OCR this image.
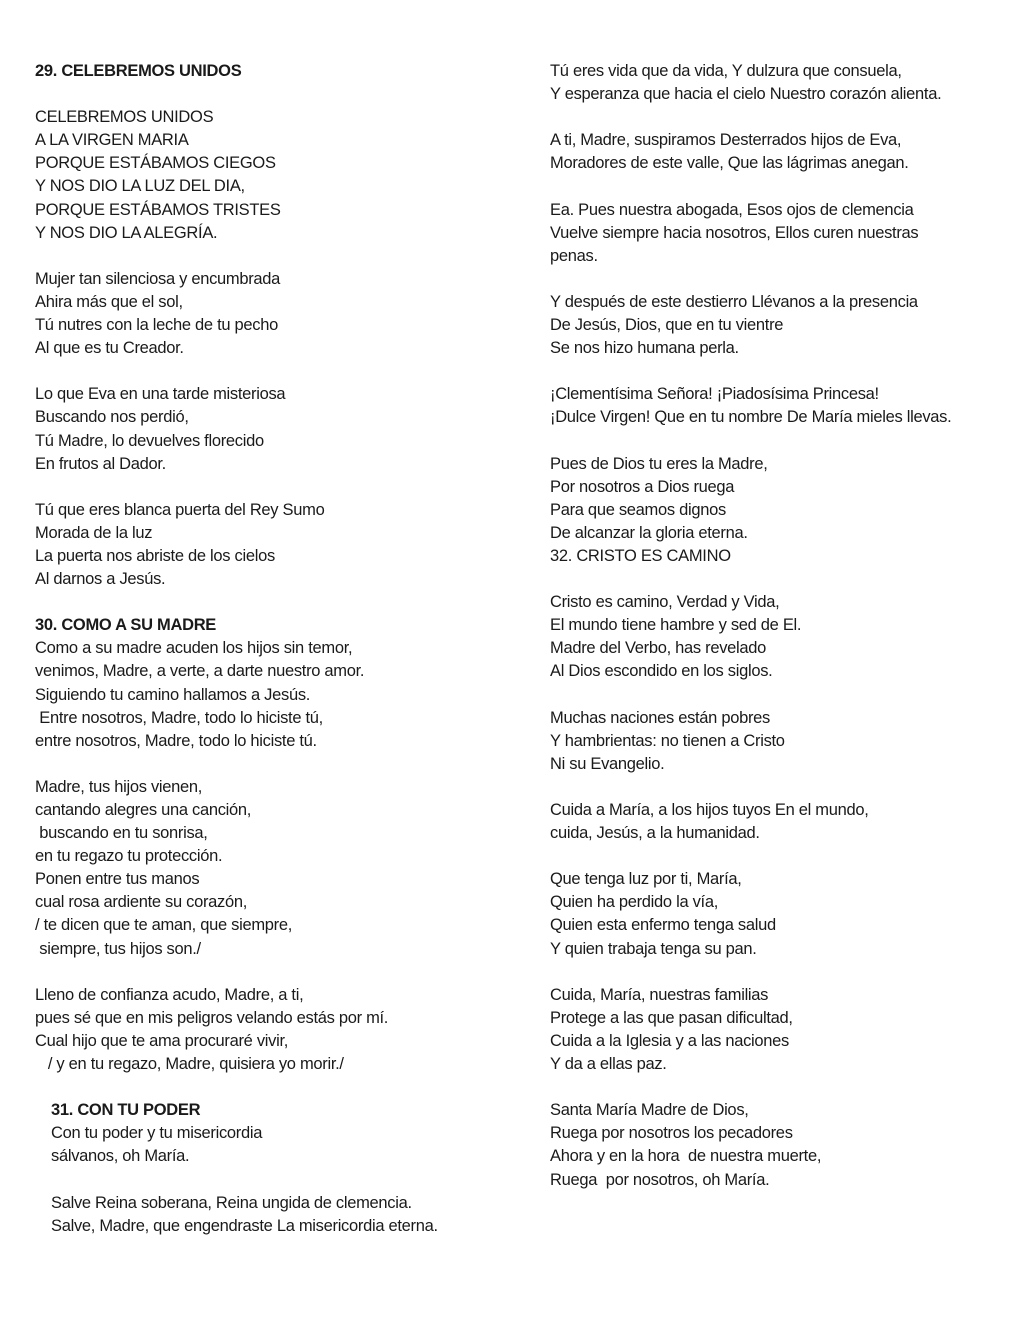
29. CELEBREMOS UNIDOS
CELEBREMOS UNIDOS
A LA VIRGEN MARIA
PORQUE ESTÁBAMOS CIEGOS
Y NOS DIO LA LUZ DEL DIA,
PORQUE ESTÁBAMOS TRISTES
Y NOS DIO LA ALEGRÍA.
Mujer tan silenciosa y encumbrada
Ahira más que el sol,
Tú nutres con la leche de tu pecho
Al que es tu Creador.
Lo que Eva en una tarde misteriosa
Buscando nos perdió,
Tú Madre, lo devuelves florecido
En frutos al Dador.
Tú que eres blanca puerta del Rey Sumo
Morada de la luz
La puerta nos abriste de los cielos
Al darnos a Jesús.
30. COMO A SU MADRE
Como a su madre acuden los hijos sin temor,
venimos, Madre, a verte, a darte nuestro amor.
Siguiendo tu camino hallamos a Jesús.
Entre nosotros, Madre, todo lo hiciste tú,
entre nosotros, Madre, todo lo hiciste tú.
Madre, tus hijos vienen,
cantando alegres una canción,
buscando en tu sonrisa,
en tu regazo tu protección.
Ponen entre tus manos
cual rosa ardiente su corazón,
/ te dicen que te aman, que siempre,
siempre, tus hijos son./
Lleno de confianza acudo, Madre, a ti,
pues sé que en mis peligros velando estás por mí.
Cual hijo que te ama procuraré vivir,
/ y en tu regazo, Madre, quisiera yo morir./
31. CON TU PODER
Con tu poder y tu misericordia
sálvanos, oh María.
Salve Reina soberana, Reina ungida de clemencia.
Salve, Madre, que engendraste La misericordia eterna.
Tú eres vida que da vida, Y dulzura que consuela,
Y esperanza que hacia el cielo Nuestro corazón alienta.
A ti, Madre, suspiramos Desterrados hijos de Eva,
Moradores de este valle, Que las lágrimas anegan.
Ea. Pues nuestra abogada, Esos ojos de clemencia
Vuelve siempre hacia nosotros, Ellos curen nuestras
penas.
Y después de este destierro Llévanos a la presencia
De Jesús, Dios, que en tu vientre
Se nos hizo humana perla.
¡Clementísima Señora! ¡Piadosísima Princesa!
¡Dulce Virgen! Que en tu nombre De María mieles llevas.
Pues de Dios tu eres la Madre,
Por nosotros a Dios ruega
Para que seamos dignos
De alcanzar la gloria eterna.
32. CRISTO ES CAMINO
Cristo es camino, Verdad y Vida,
El mundo tiene hambre y sed de El.
Madre del Verbo, has revelado
Al Dios escondido en los siglos.
Muchas naciones están pobres
Y hambrientas: no tienen a Cristo
Ni su Evangelio.
Cuida a María, a los hijos tuyos En el mundo,
cuida, Jesús, a la humanidad.
Que tenga luz por ti, María,
Quien ha perdido la vía,
Quien esta enfermo tenga salud
Y quien trabaja tenga su pan.
Cuida, María, nuestras familias
Protege a las que pasan dificultad,
Cuida a la Iglesia y a las naciones
Y da a ellas paz.
Santa María Madre de Dios,
Ruega por nosotros los pecadores
Ahora y en la hora  de nuestra muerte,
Ruega  por nosotros, oh María.
